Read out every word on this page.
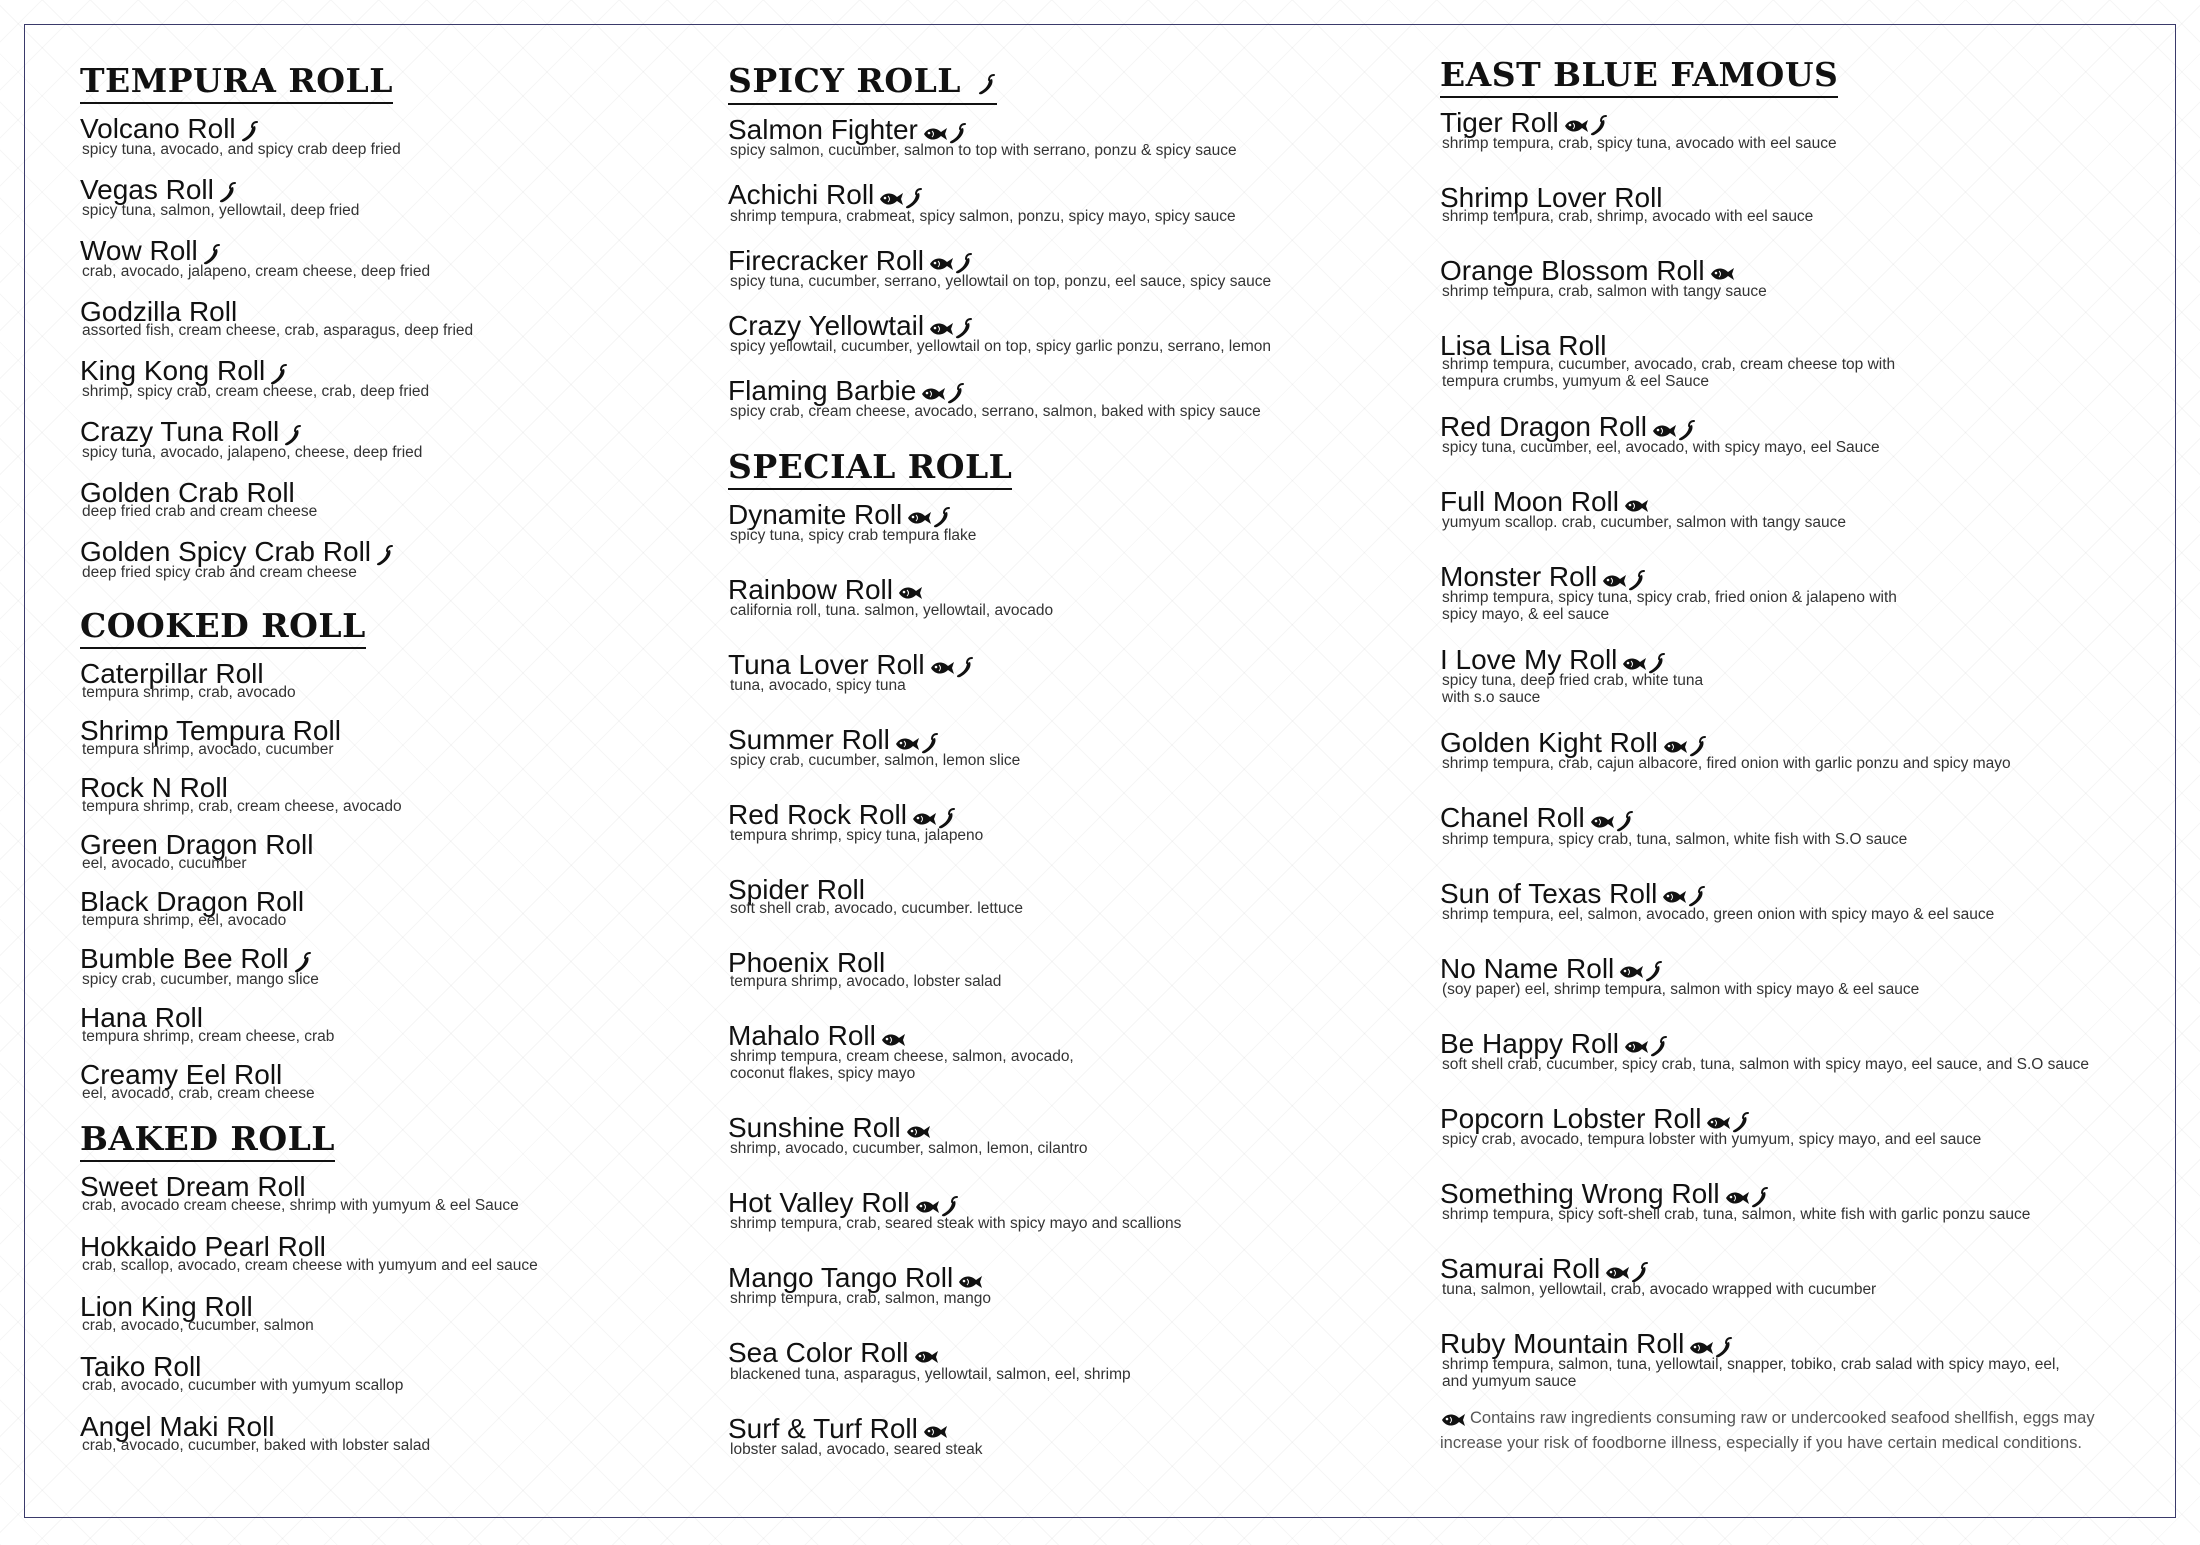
TEMPURA ROLL
Volcano Roll
spicy tuna, avocado, and spicy crab deep fried
Vegas Roll
spicy tuna, salmon, yellowtail, deep fried
Wow Roll
crab, avocado, jalapeno, cream cheese, deep fried
Godzilla Roll
assorted fish, cream cheese, crab, asparagus, deep fried
King Kong Roll
shrimp, spicy crab, cream cheese, crab, deep fried
Crazy Tuna Roll
spicy tuna, avocado, jalapeno, cheese, deep fried
Golden Crab Roll
deep fried crab and cream cheese
Golden Spicy Crab Roll
deep fried spicy crab and cream cheese
COOKED ROLL
Caterpillar Roll
tempura shrimp, crab, avocado
Shrimp Tempura Roll
tempura shrimp, avocado, cucumber
Rock N Roll
tempura shrimp, crab, cream cheese, avocado
Green Dragon Roll
eel, avocado, cucumber
Black Dragon Roll
tempura shrimp, eel, avocado
Bumble Bee Roll
spicy crab, cucumber, mango slice
Hana Roll
tempura shrimp, cream cheese, crab
Creamy Eel Roll
eel, avocado, crab, cream cheese
BAKED ROLL
Sweet Dream Roll
crab, avocado cream cheese, shrimp with yumyum & eel Sauce
Hokkaido Pearl Roll
crab, scallop, avocado, cream cheese with yumyum and eel sauce
Lion King Roll
crab, avocado, cucumber, salmon
Taiko Roll
crab, avocado, cucumber with yumyum scallop
Angel Maki Roll
crab, avocado, cucumber, baked with lobster salad
SPICY ROLL
Salmon Fighter
spicy salmon, cucumber, salmon to top with serrano, ponzu & spicy sauce
Achichi Roll
shrimp tempura, crabmeat, spicy salmon, ponzu, spicy mayo, spicy sauce
Firecracker Roll
spicy tuna, cucumber, serrano, yellowtail on top, ponzu, eel sauce, spicy sauce
Crazy Yellowtail
spicy yellowtail, cucumber, yellowtail on top, spicy garlic ponzu, serrano, lemon
Flaming Barbie
spicy crab, cream cheese, avocado, serrano, salmon, baked with spicy sauce
SPECIAL ROLL
Dynamite Roll
spicy tuna, spicy crab tempura flake
Rainbow Roll
california roll, tuna. salmon, yellowtail, avocado
Tuna Lover Roll
tuna, avocado, spicy tuna
Summer Roll
spicy crab, cucumber, salmon, lemon slice
Red Rock Roll
tempura shrimp, spicy tuna, jalapeno
Spider Roll
soft shell crab, avocado, cucumber. lettuce
Phoenix Roll
tempura shrimp, avocado, lobster salad
Mahalo Roll
shrimp tempura, cream cheese, salmon, avocado,
coconut flakes, spicy mayo
Sunshine Roll
shrimp, avocado, cucumber, salmon, lemon, cilantro
Hot Valley Roll
shrimp tempura, crab, seared steak with spicy mayo and scallions
Mango Tango Roll
shrimp tempura, crab, salmon, mango
Sea Color Roll
blackened tuna, asparagus, yellowtail, salmon, eel, shrimp
Surf & Turf Roll
lobster salad, avocado, seared steak
EAST BLUE FAMOUS
Tiger Roll
shrimp tempura, crab, spicy tuna, avocado with eel sauce
Shrimp Lover Roll
shrimp tempura, crab, shrimp, avocado with eel sauce
Orange Blossom Roll
shrimp tempura, crab, salmon with tangy sauce
Lisa Lisa Roll
shrimp tempura, cucumber, avocado, crab, cream cheese top with
tempura crumbs, yumyum & eel Sauce
Red Dragon Roll
spicy tuna, cucumber, eel, avocado, with spicy mayo, eel Sauce
Full Moon Roll
yumyum scallop. crab, cucumber, salmon with tangy sauce
Monster Roll
shrimp tempura, spicy tuna, spicy crab, fried onion & jalapeno with
spicy mayo, & eel sauce
I Love My Roll
spicy tuna, deep fried crab, white tuna
with s.o sauce
Golden Kight Roll
shrimp tempura, crab, cajun albacore, fired onion with garlic ponzu and spicy mayo
Chanel Roll
shrimp tempura, spicy crab, tuna, salmon, white fish with S.O sauce
Sun of Texas Roll
shrimp tempura, eel, salmon, avocado, green onion with spicy mayo & eel sauce
No Name Roll
(soy paper) eel, shrimp tempura, salmon with spicy mayo & eel sauce
Be Happy Roll
soft shell crab, cucumber, spicy crab, tuna, salmon with spicy mayo, eel sauce, and S.O sauce
Popcorn Lobster Roll
spicy crab, avocado, tempura lobster with yumyum, spicy mayo, and eel sauce
Something Wrong Roll
shrimp tempura, spicy soft-shell crab, tuna, salmon, white fish with garlic ponzu sauce
Samurai Roll
tuna, salmon, yellowtail, crab, avocado wrapped with cucumber
Ruby Mountain Roll
shrimp tempura, salmon, tuna, yellowtail, snapper, tobiko, crab salad with spicy mayo, eel,
and yumyum sauce
Contains raw ingredients consuming raw or undercooked seafood shellfish, eggs may
increase your risk of foodborne illness, especially if you have certain medical conditions.
